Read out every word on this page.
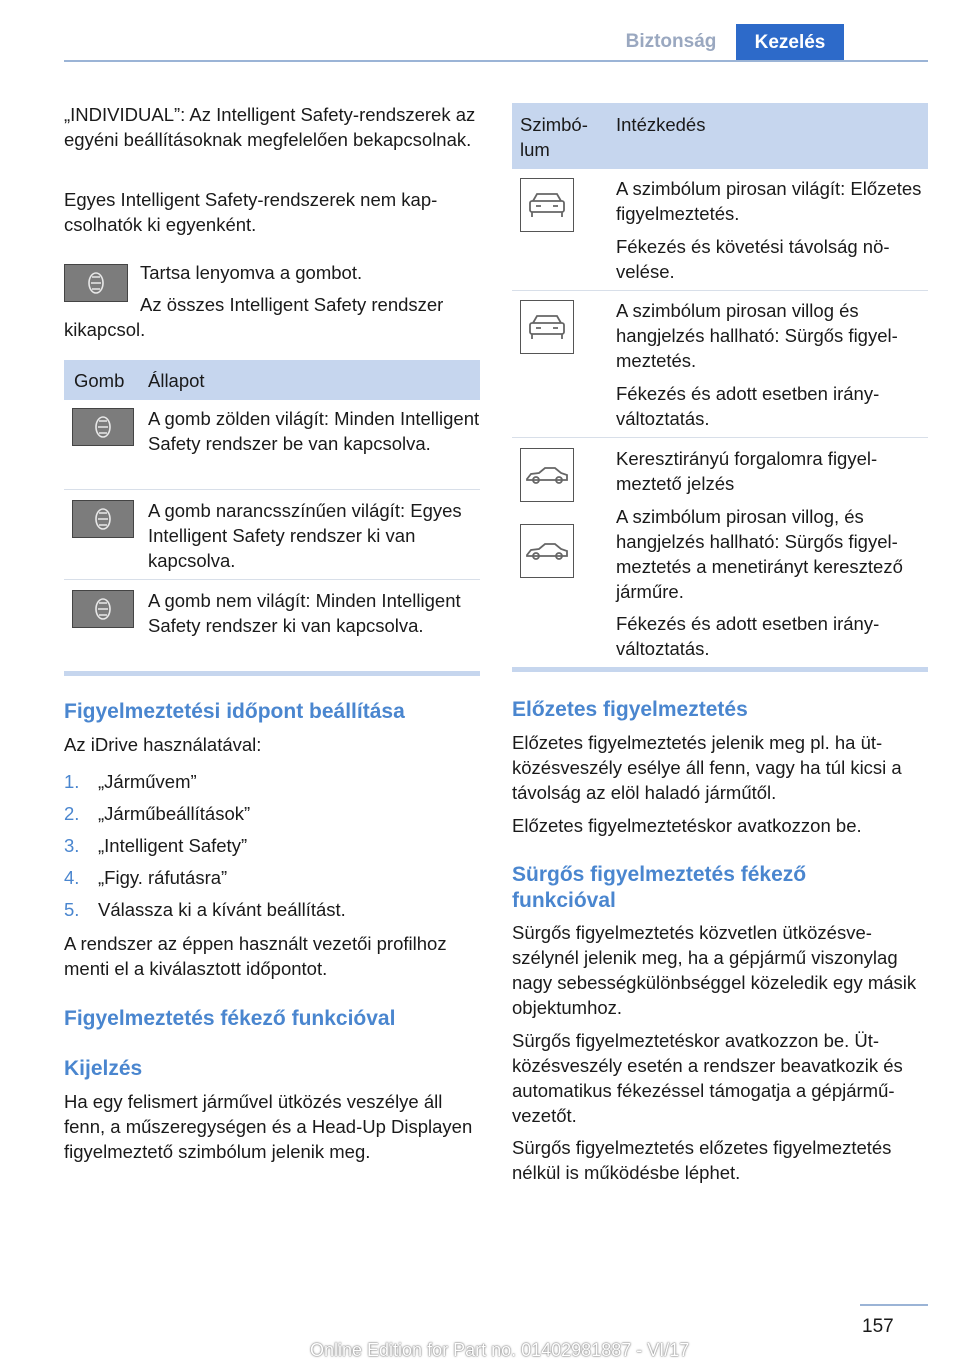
Biztonság	Kezelés

„INDIVIDUAL”: Az Intelligent Safety-rendszerek az egyéni beállításoknak megfelelően bekapcsolnak.

Egyes Intelligent Safety-rendszerek nem kapcsolhatók ki egyenként.

Tartsa lenyomva a gombot.

Az összes Intelligent Safety rendszer kikapcsol.

Gomb Állapot

A gomb zölden világít: Minden Intelligent Safety rendszer be van kapcsolva.

A gomb narancsszínűen világít: Egyes Intelligent Safety rendszer ki van kapcsolva.

A gomb nem világít: Minden Intelligent Safety rendszer ki van kapcsolva.

Figyelmeztetési időpont beállítása

Az iDrive használatával:

1. „Járművem”
2. „Járműbeállítások”
3. „Intelligent Safety”
4. „Figy. ráfutásra”
5. Válassza ki a kívánt beállítást.

A rendszer az éppen használt vezetői profilhoz menti el a kiválasztott időpontot.

Figyelmeztetés fékező funkcióval
Kijelzés

Ha egy felismert járművel ütközés veszélye áll fenn, a műszeregységen és a Head-Up Displayen figyelmeztető szimbólum jelenik meg.

Szimbólum
Intézkedés

A szimbólum pirosan világít: Előzetes figyelmeztetés.

Fékezés és követési távolság növelése.

A szimbólum pirosan villog és hangjelzés hallható: Sürgős figyelmeztetés.

Fékezés és adott esetben irányváltoztatás.

Keresztirányú forgalomra figyelmeztető jelzés

A szimbólum pirosan villog, és hangjelzés hallható: Sürgős figyelmeztetés a menetirányt keresztező járműre.

Fékezés és adott esetben irányváltoztatás.

Előzetes figyelmeztetés

Előzetes figyelmeztetés jelenik meg pl. ha ütközésveszély esélye áll fenn, vagy ha túl kicsi a távolság az elöl haladó járműtől.

Előzetes figyelmeztetéskor avatkozzon be.

Sürgős figyelmeztetés fékező funkcióval

Sürgős figyelmeztetés közvetlen ütközésveszélynél jelenik meg, ha a gépjármű viszonylag nagy sebességkülönbséggel közeledik egy másik objektumhoz.

Sürgős figyelmeztetéskor avatkozzon be. Ütközésveszély esetén a rendszer beavatkozik és automatikus fékezéssel támogatja a gépjárművezetőt.

Sürgős figyelmeztetés előzetes figyelmeztetés nélkül is működésbe léphet.

157
Online Edition for Part no. 01402981887 - VI/17
